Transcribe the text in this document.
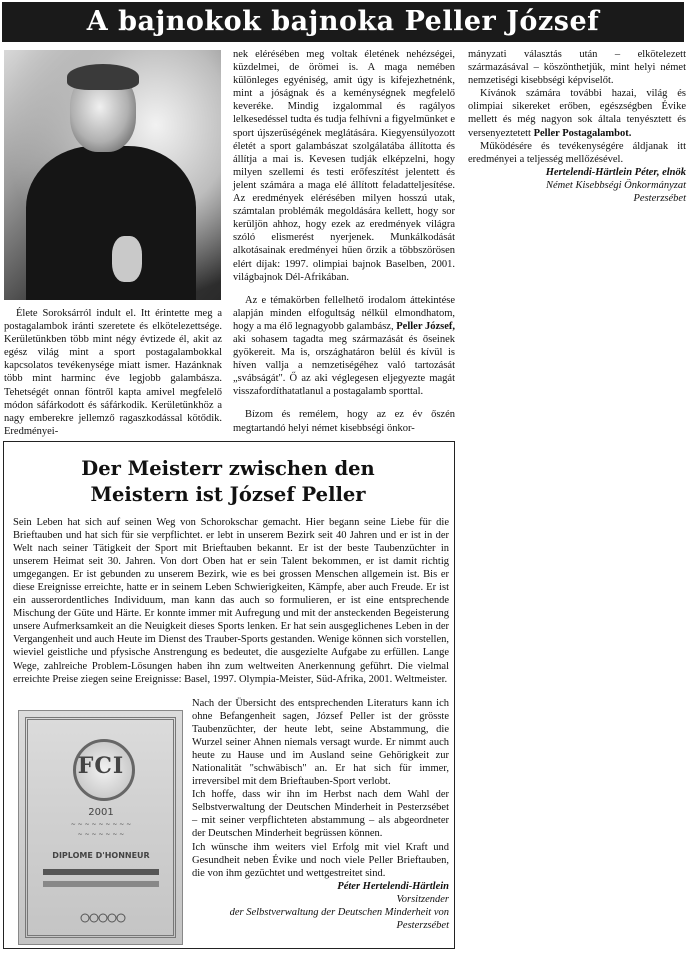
A bajnokok bajnoka Peller József

Élete Soroksárról indult el. Itt érintette meg a postagalambok iránti szeretete és elkötelezettsége. Kerületünkben több mint négy évtizede él, akit az egész világ mint a sport postagalambokkal kapcsolatos tevékenysége miatt ismer. Hazánknak több mint harminc éve legjobb galambásza. Tehetségét onnan föntről kapta amivel megfelelő módon sáfárkodott és sáfárkodik. Kerületünkhöz a nagy emberekre jellemző ragaszkodással kötődik. Eredményei-

nek elérésében meg voltak életének nehézségei, küzdelmei, de örömei is. A maga nemében különleges egyéniség, amit úgy is kifejezhetnénk, mint a jóságnak és a keménységnek megfelelő keveréke. Mindig izgalommal és ragályos lelkesedéssel tudta és tudja felhívni a figyelmünket e sport újszerűségének meglátására. Kiegyensúlyozott életét a sport galambászat szolgálatába állította és állítja a mai is. Kevesen tudják elképzelni, hogy milyen szellemi és testi erőfeszítést jelentett és jelent számára a maga elé állított feladatteljesítése. Az eredmények elérésében milyen hosszú utak, számtalan problémák megoldására kellett, hogy sor kerüljön ahhoz, hogy ezek az eredmények világra szóló elismerést nyerjenek. Munkálkodását alkotásainak eredményei hűen őrzik a többszörösen elért díjak: 1997. olimpiai bajnok Baselben, 2001. világbajnok Dél-Afrikában.

Az e témakörben fellelhető irodalom áttekintése alapján minden elfogultság nélkül elmondhatom, hogy a ma élő legnagyobb galambász, Peller József, aki sohasem tagadta meg származását és őseinek gyökereit. Ma is, országhatáron belül és kívül is híven vallja a nemzetiségéhez való tartozását „svábságát". Ő az aki véglegesen eljegyezte magát visszafordíthatatlanul a postagalamb sporttal.

Bízom és remélem, hogy az ez év őszén megtartandó helyi német kisebbségi önkor-

mányzati választás után – elkötelezett származásával – köszönthetjük, mint helyi német nemzetiségi kisebbségi képviselőt.

Kívánok számára további hazai, világ és olimpiai sikereket erőben, egészségben Évike mellett és még nagyon sok általa tenyésztett és versenyeztetett Peller Postagalambot.

Működésére és tevékenységére áldjanak itt eredményei a teljesség mellőzésével.

Hertelendi-Härtlein Péter, elnök
Német Kisebbségi Önkormányzat
Pesterzsébet
Der Meisterr zwischen den
Meistern ist József Peller

Sein Leben hat sich auf seinen Weg von Schorokschar gemacht. Hier begann seine Liebe für die Brieftauben und hat sich für sie verpflichtet. er lebt in unserem Bezirk seit 40 Jahren und er ist in der Welt nach seiner Tätigkeit der Sport mit Brieftauben bekannt. Er ist der beste Taubenzüchter in unserem Heimat seit 30. Jahren. Von dort Oben hat er sein Talent bekommen, er ist damit richtig umgegangen. Er ist gebunden zu unserem Bezirk, wie es bei grossen Menschen allgemein ist. Bis er diese Ereignisse erreichte, hatte er in seinem Leben Schwierigkeiten, Kämpfe, aber auch Freude. Er ist ein ausserordentliches Individuum, man kann das auch so formulieren, er ist eine entsprechende Mischung der Güte und Härte. Er konnte immer mit Aufregung und mit der ansteckenden Begeisterung unsere Aufmerksamkeit an die Neuigkeit dieses Sports lenken. Er hat sein ausgeglichenes Leben in der Vergangenheit und auch Heute im Dienst des Trauber-Sports gestanden. Wenige können sich vorstellen, wieviel geistliche und pfysische Anstrengung es bedeutet, die ausgezielte Aufgabe zu erfüllen. Lange Wege, zahlreiche Problem-Lösungen haben ihn zum weltweiten Anerkennung geführt. Die vielmal erreichte Preise ziegen seine Ereignisse: Basel, 1997. Olympia-Meister, Süd-Afrika, 2001. Weltmeister.

FCI
2001
~ ~ ~ ~ ~ ~ ~ ~ ~
~ ~ ~ ~ ~ ~ ~
DIPLOME D'HONNEUR

Nach der Übersicht des entsprechenden Literaturs kann ich ohne Befangenheit sagen, József Peller ist der grösste Taubenzüchter, der heute lebt, seine Abstammung, die Wurzel seiner Ahnen niemals versagt wurde. Er nimmt auch heute zu Hause und im Ausland seine Gehörigkeit zur Nationalität "schwäbisch" an. Er hat sich für immer, irreversibel mit dem Brieftauben-Sport verlobt.

Ich hoffe, dass wir ihn im Herbst nach dem Wahl der Selbstverwaltung der Deutschen Minderheit in Pesterzsébet – mit seiner verpflichteten abstammung – als abgeordneter der Deutschen Minderheit begrüssen können.

Ich wünsche ihm weiters viel Erfolg mit viel Kraft und Gesundheit neben Évike und noch viele Peller Brieftauben, die von ihm gezüchtet und wettgestreitet sind.

Péter Hertelendi-Härtlein
Vorsitzender
der Selbstverwaltung der Deutschen Minderheit von
Pesterzsébet
